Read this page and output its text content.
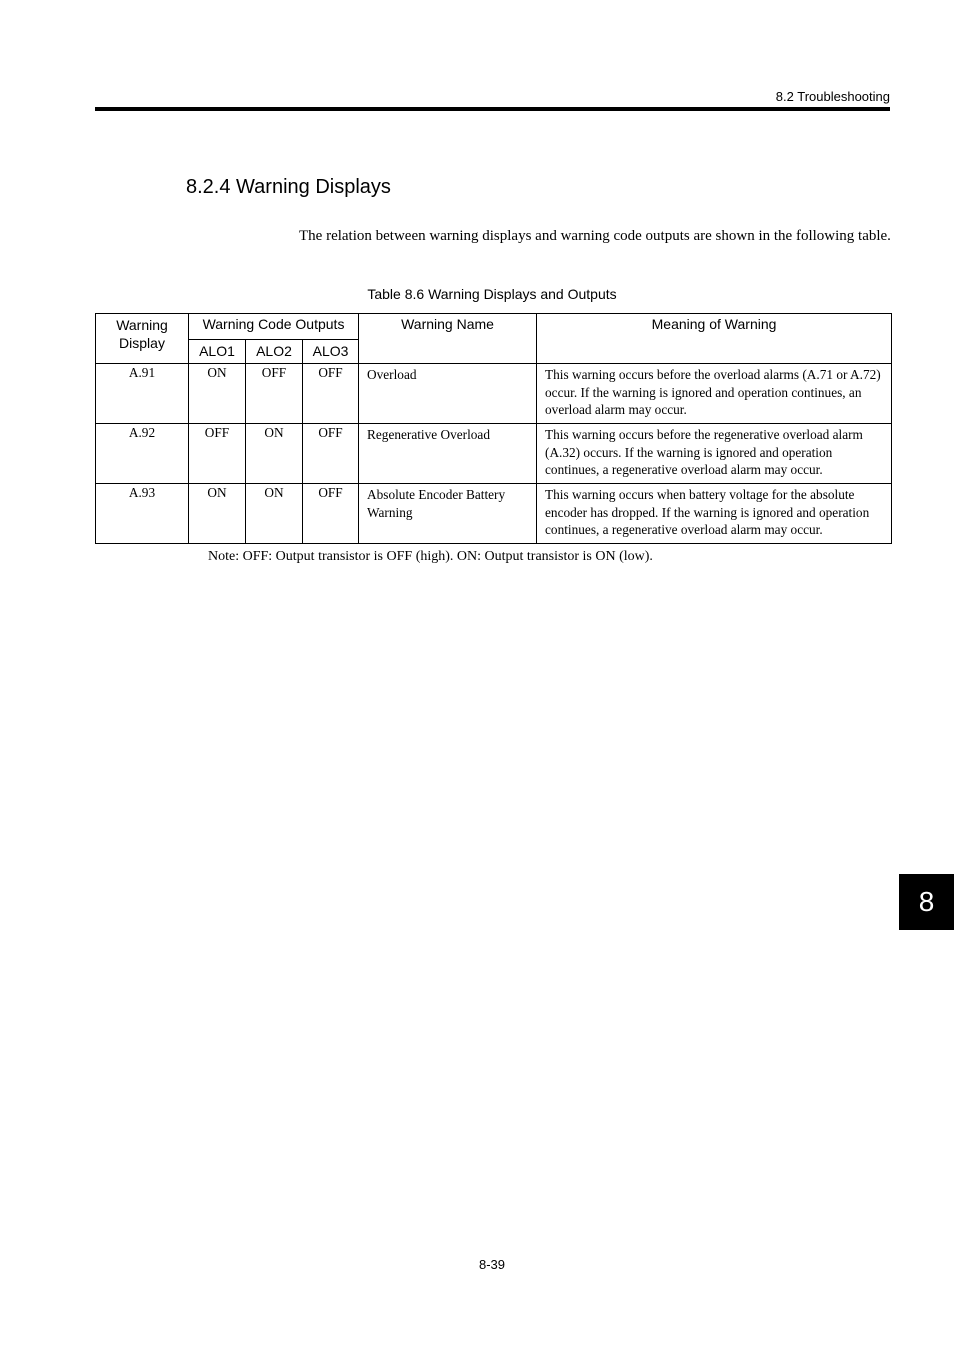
8.2 Troubleshooting
8.2.4 Warning Displays

The relation between warning displays and warning code outputs are shown in the following table.

Table 8.6 Warning Displays and Outputs
Warning Display	Warning Code Outputs			Warning Name	Meaning of Warning
	ALO1	ALO2	ALO3		
A.91	ON	OFF	OFF	Overload	This warning occurs before the overload alarms (A.71 or A.72) occur. If the warning is ignored and operation continues, an overload alarm may occur.
A.92	OFF	ON	OFF	Regenerative Overload	This warning occurs before the regenerative overload alarm (A.32) occurs. If the warning is ignored and operation continues, a regenerative overload alarm may occur.
A.93	ON	ON	OFF	Absolute Encoder Battery Warning	This warning occurs when battery voltage for the absolute encoder has dropped. If the warning is ignored and operation continues, a regenerative overload alarm may occur.
Note: OFF: Output transistor is OFF (high). ON: Output transistor is ON (low).
8
8-39
